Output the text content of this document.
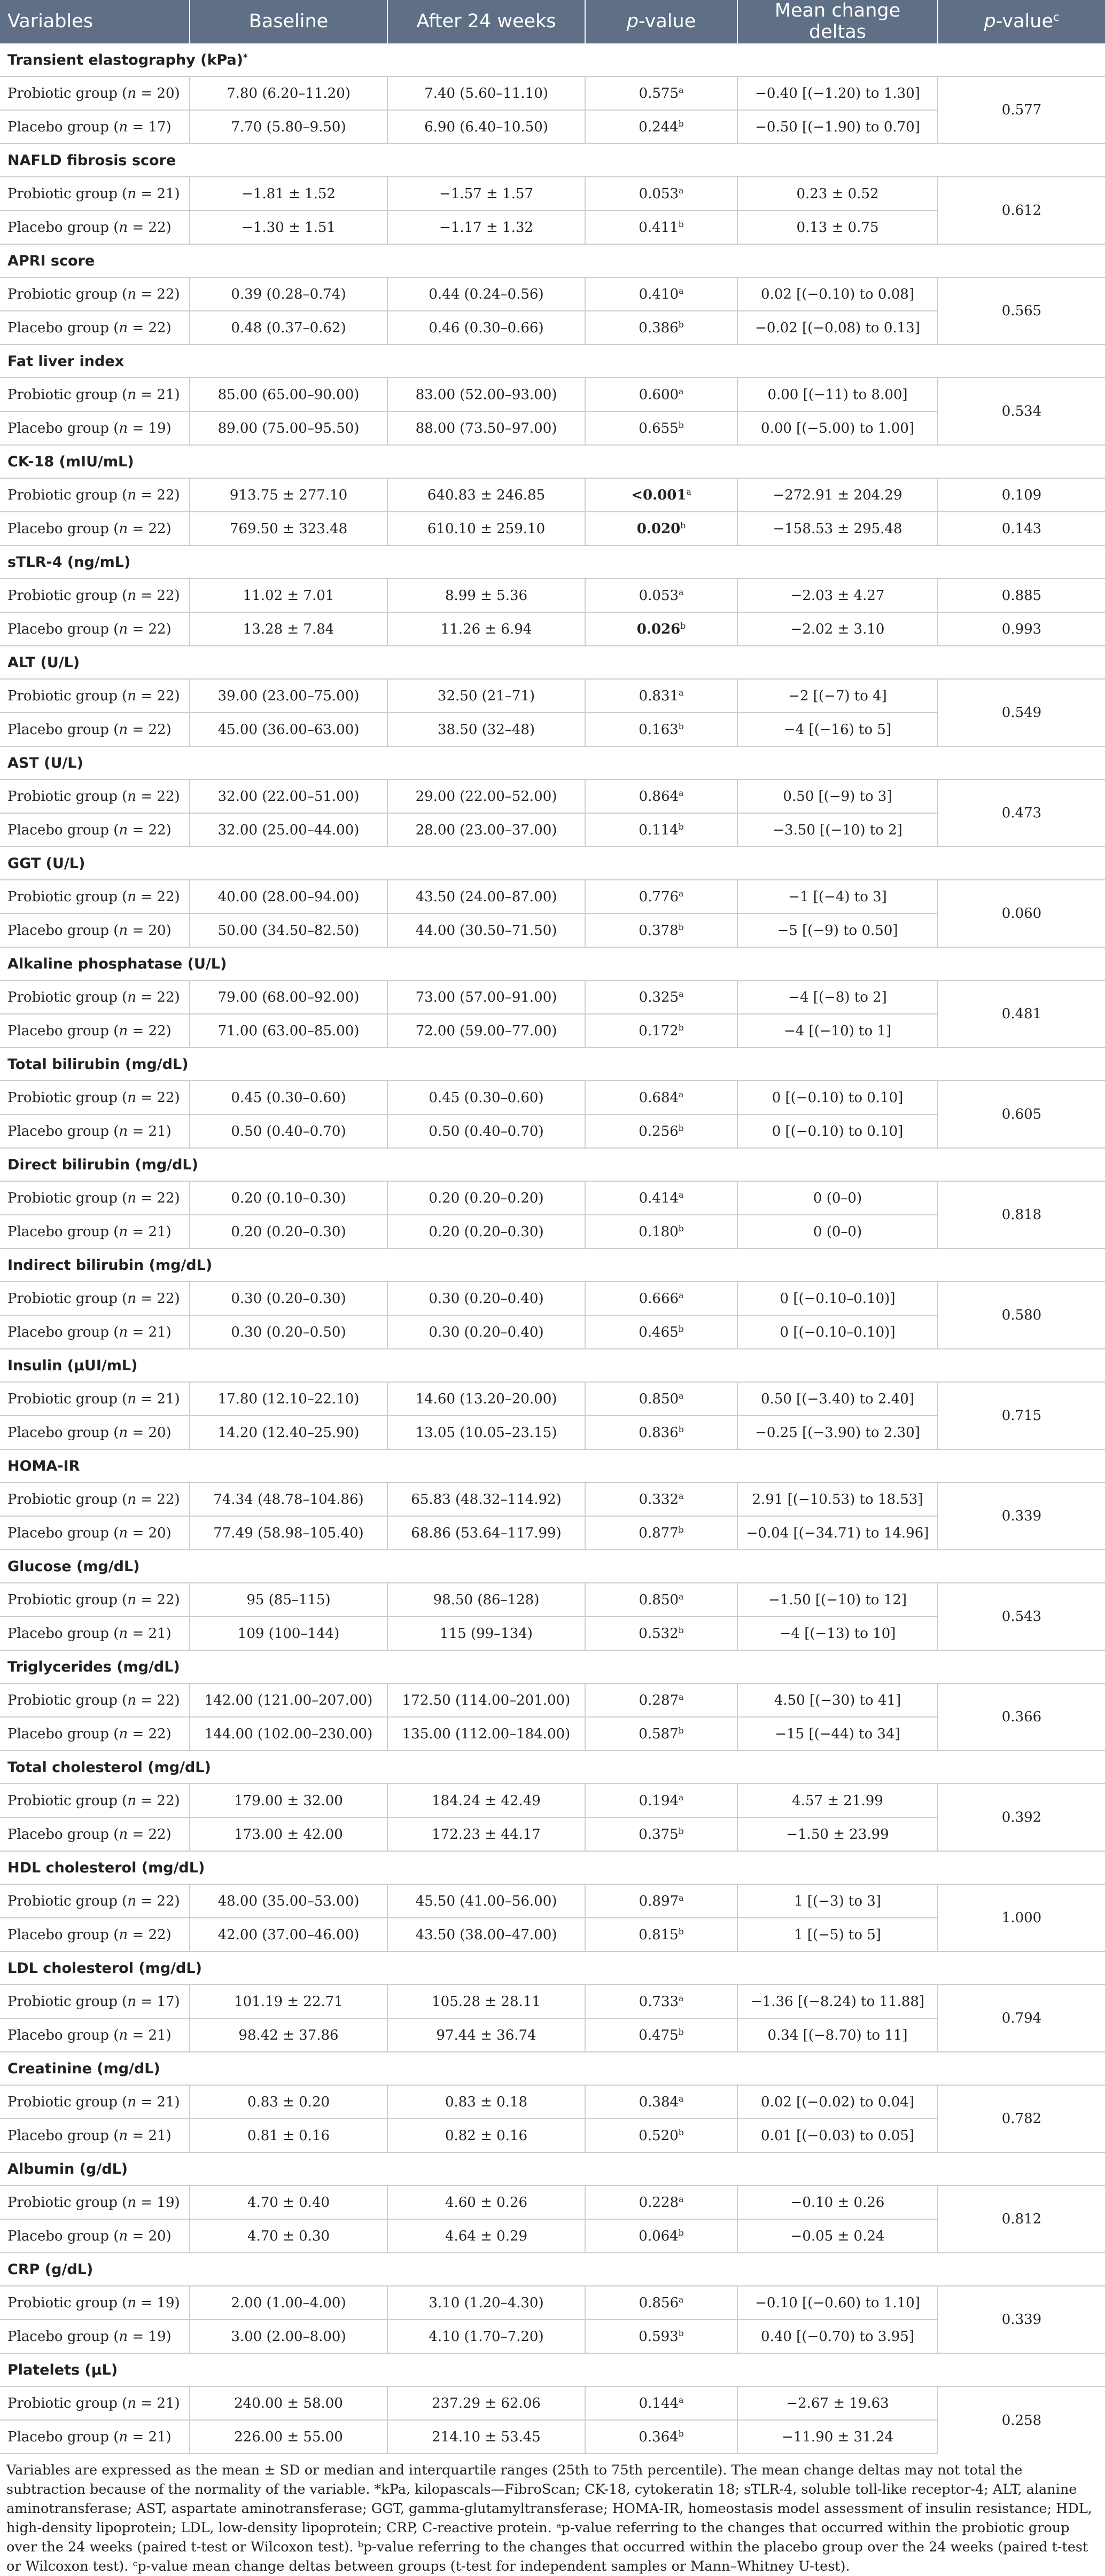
Variables	Baseline	After 24 weeks	p-value	Mean change deltas	p-value$^c$
Transient elastography (kPa)*
Probiotic group (n = 20)	7.80 (6.20–11.20)	7.40 (5.60–11.10)	0.575$^a$	−0.40 [(−1.20) to 1.30]	0.577
Placebo group (n = 17)	7.70 (5.80–9.50)	6.90 (6.40–10.50)	0.244$^b$	−0.50 [(−1.90) to 0.70]	
NAFLD fibrosis score					
Probiotic group (n = 21)	−1.81 ± 1.52	−1.57 ± 1.57	0.053$^a$	0.23 ± 0.52	0.612
Placebo group (n = 22)	−1.30 ± 1.51	−1.17 ± 1.32	0.411$^b$	0.13 ± 0.75	
APRI score					
Probiotic group (n = 22)	0.39 (0.28–0.74)	0.44 (0.24–0.56)	0.410$^a$	0.02 [(−0.10) to 0.08]	0.565
Placebo group (n = 22)	0.48 (0.37–0.62)	0.46 (0.30–0.66)	0.386$^b$	−0.02 [(−0.08) to 0.13]	
Fat liver index					
Probiotic group (n = 21)	85.00 (65.00–90.00)	83.00 (52.00–93.00)	0.600$^a$	0.00 [(−11) to 8.00]	0.534
Placebo group (n = 19)	89.00 (75.00–95.50)	88.00 (73.50–97.00)	0.655$^b$	0.00 [(−5.00) to 1.00]	
CK-18 (mIU/mL)					
Probiotic group (n = 22)	913.75 ± 277.10	640.83 ± 246.85	<0.001$^a$	−272.91 ± 204.29	0.109
Placebo group (n = 22)	769.50 ± 323.48	610.10 ± 259.10	0.020$^b$	−158.53 ± 295.48	0.143
sTLR-4 (ng/mL)					
Probiotic group (n = 22)	11.02 ± 7.01	8.99 ± 5.36	0.053$^a$	−2.03 ± 4.27	0.885
Placebo group (n = 22)	13.28 ± 7.84	11.26 ± 6.94	0.026$^b$	−2.02 ± 3.10	0.993
ALT (U/L)					
Probiotic group (n = 22)	39.00 (23.00–75.00)	32.50 (21–71)	0.831$^a$	−2 [(−7) to 4]	0.549
Placebo group (n = 22)	45.00 (36.00–63.00)	38.50 (32–48)	0.163$^b$	−4 [(−16) to 5]	
AST (U/L)					
Probiotic group (n = 22)	32.00 (22.00–51.00)	29.00 (22.00–52.00)	0.864$^a$	0.50 [(−9) to 3]	0.473
Placebo group (n = 22)	32.00 (25.00–44.00)	28.00 (23.00–37.00)	0.114$^b$	−3.50 [(−10) to 2]	
GGT (U/L)					
Probiotic group (n = 22)	40.00 (28.00–94.00)	43.50 (24.00–87.00)	0.776$^a$	−1 [(−4) to 3]	0.060
Placebo group (n = 20)	50.00 (34.50–82.50)	44.00 (30.50–71.50)	0.378$^b$	−5 [(−9) to 0.50]	
Alkaline phosphatase (U/L)					
Probiotic group (n = 22)	79.00 (68.00–92.00)	73.00 (57.00–91.00)	0.325$^a$	−4 [(−8) to 2]	0.481
Placebo group (n = 22)	71.00 (63.00–85.00)	72.00 (59.00–77.00)	0.172$^b$	−4 [(−10) to 1]	
Total bilirubin (mg/dL)					
Probiotic group (n = 22)	0.45 (0.30–0.60)	0.45 (0.30–0.60)	0.684$^a$	0 [(−0.10) to 0.10]	0.605
Placebo group (n = 21)	0.50 (0.40–0.70)	0.50 (0.40–0.70)	0.256$^b$	0 [(−0.10) to 0.10]	
Direct bilirubin (mg/dL)					
Probiotic group (n = 22)	0.20 (0.10–0.30)	0.20 (0.20–0.20)	0.414$^a$	0 (0–0)	0.818
Placebo group (n = 21)	0.20 (0.20–0.30)	0.20 (0.20–0.30)	0.180$^b$	0 (0–0)	
Indirect bilirubin (mg/dL)					
Probiotic group (n = 22)	0.30 (0.20–0.30)	0.30 (0.20–0.40)	0.666$^a$	0 [(−0.10–0.10)]	0.580
Placebo group (n = 21)	0.30 (0.20–0.50)	0.30 (0.20–0.40)	0.465$^b$	0 [(−0.10–0.10)]	
Insulin (µUI/mL)					
Probiotic group (n = 21)	17.80 (12.10–22.10)	14.60 (13.20–20.00)	0.850$^a$	0.50 [(−3.40) to 2.40]	0.715
Placebo group (n = 20)	14.20 (12.40–25.90)	13.05 (10.05–23.15)	0.836$^b$	−0.25 [(−3.90) to 2.30]	
HOMA-IR					
Probiotic group (n = 22)	74.34 (48.78–104.86)	65.83 (48.32–114.92)	0.332$^a$	2.91 [(−10.53) to 18.53]	0.339
Placebo group (n = 20)	77.49 (58.98–105.40)	68.86 (53.64–117.99)	0.877$^b$	−0.04 [(−34.71) to 14.96]	
Glucose (mg/dL)					
Probiotic group (n = 22)	95 (85–115)	98.50 (86–128)	0.850$^a$	−1.50 [(−10) to 12]	0.543
Placebo group (n = 21)	109 (100–144)	115 (99–134)	0.532$^b$	−4 [(−13) to 10]	
Triglycerides (mg/dL)					
Probiotic group (n = 22)	142.00 (121.00–207.00)	172.50 (114.00–201.00)	0.287$^a$	4.50 [(−30) to 41]	0.366
Placebo group (n = 22)	144.00 (102.00–230.00)	135.00 (112.00–184.00)	0.587$^b$	−15 [(−44) to 34]	
Total cholesterol (mg/dL)					
Probiotic group (n = 22)	179.00 ± 32.00	184.24 ± 42.49	0.194$^a$	4.57 ± 21.99	0.392
Placebo group (n = 22)	173.00 ± 42.00	172.23 ± 44.17	0.375$^b$	−1.50 ± 23.99	
HDL cholesterol (mg/dL)					
Probiotic group (n = 22)	48.00 (35.00–53.00)	45.50 (41.00–56.00)	0.897$^a$	1 [(−3) to 3]	1.000
Placebo group (n = 22)	42.00 (37.00–46.00)	43.50 (38.00–47.00)	0.815$^b$	1 [(−5) to 5]	
LDL cholesterol (mg/dL)					
Probiotic group (n = 17)	101.19 ± 22.71	105.28 ± 28.11	0.733$^a$	−1.36 [(−8.24) to 11.88]	0.794
Placebo group (n = 21)	98.42 ± 37.86	97.44 ± 36.74	0.475$^b$	0.34 [(−8.70) to 11]	
Creatinine (mg/dL)					
Probiotic group (n = 21)	0.83 ± 0.20	0.83 ± 0.18	0.384$^a$	0.02 [(−0.02) to 0.04]	0.782
Placebo group (n = 21)	0.81 ± 0.16	0.82 ± 0.16	0.520$^b$	0.01 [(−0.03) to 0.05]	
Albumin (g/dL)					
Probiotic group (n = 19)	4.70 ± 0.40	4.60 ± 0.26	0.228$^a$	−0.10 ± 0.26	0.812
Placebo group (n = 20)	4.70 ± 0.30	4.64 ± 0.29	0.064$^b$	−0.05 ± 0.24	
CRP (g/dL)					
Probiotic group (n = 19)	2.00 (1.00–4.00)	3.10 (1.20–4.30)	0.856$^a$	−0.10 [(−0.60) to 1.10]	0.339
Placebo group (n = 19)	3.00 (2.00–8.00)	4.10 (1.70–7.20)	0.593$^b$	0.40 [(−0.70) to 3.95]	
Platelets (µL)					
Probiotic group (n = 21)	240.00 ± 58.00	237.29 ± 62.06	0.144$^a$	−2.67 ± 19.63	0.258
Placebo group (n = 21)	226.00 ± 55.00	214.10 ± 53.45	0.364$^b$	−11.90 ± 31.24	
Variables are expressed as the mean ± SD or median and interquartile ranges (25th to 75th percentile). The mean change deltas may not total the subtraction because of the normality of the variable. *kPa, kilopascals—FibroScan; CK-18, cytokeratin 18; sTLR-4, soluble toll-like receptor-4; ALT, alanine aminotransferase; AST, aspartate aminotransferase; GGT, gamma-glutamyltransferase; HOMA-IR, homeostasis model assessment of insulin resistance; HDL, high-density lipoprotein; LDL, low-density lipoprotein; CRP, C-reactive protein. ᵃp-value referring to the changes that occurred within the probiotic group over the 24 weeks (paired t-test or Wilcoxon test). ᵇp-value referring to the changes that occurred within the placebo group over the 24 weeks (paired t-test or Wilcoxon test). ᶜp-value mean change deltas between groups (t-test for independent samples or Mann–Whitney U-test).
